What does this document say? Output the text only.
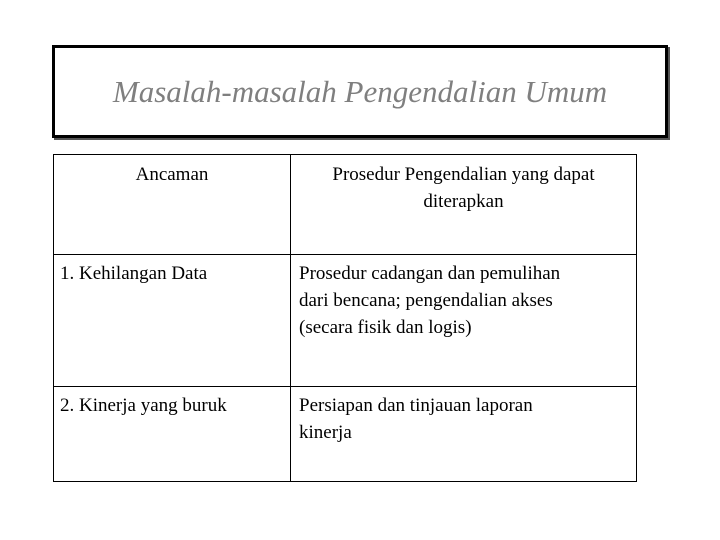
Masalah-masalah Pengendalian Umum
Ancaman	Prosedur Pengendalian yang dapat
diterapkan

1. Kehilangan Data	Prosedur cadangan dan pemulihan
dari bencana; pengendalian akses
(secara fisik dan logis)

2. Kinerja yang buruk	Persiapan dan tinjauan laporan
kinerja
